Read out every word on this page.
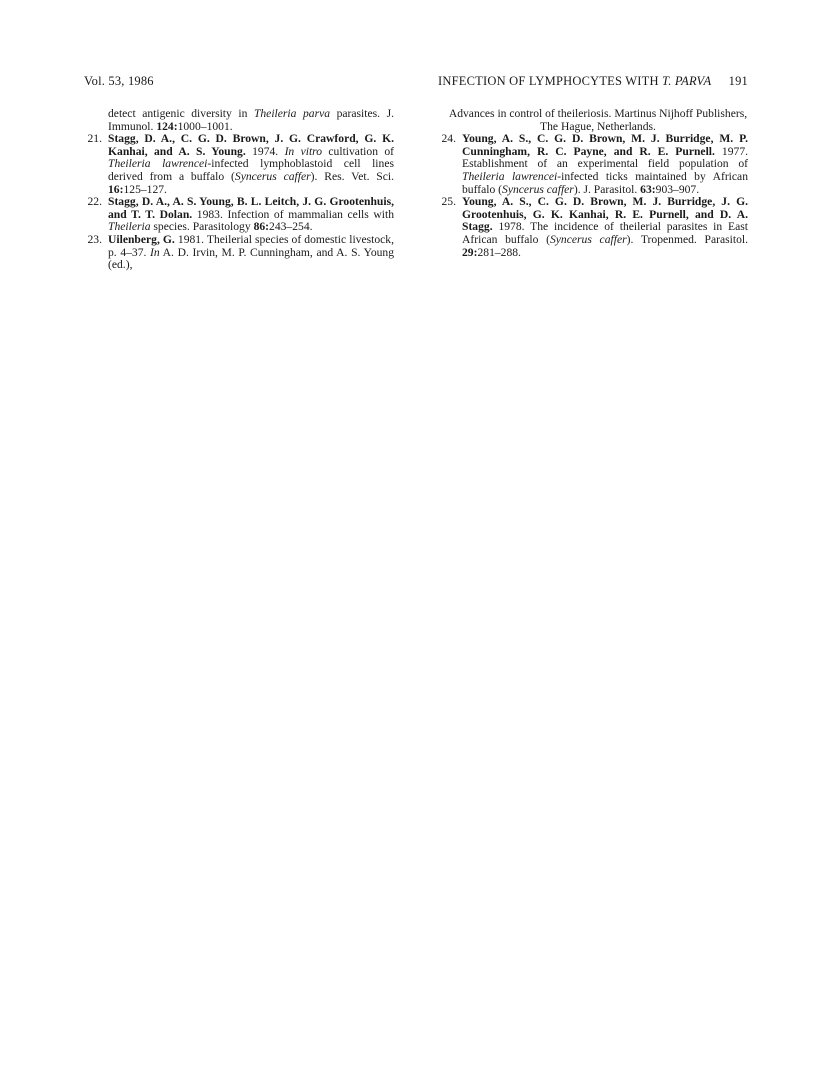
Vol. 53, 1986	INFECTION OF LYMPHOCYTES WITH T. PARVA 191
detect antigenic diversity in Theileria parva parasites. J. Immunol. 124:1000–1001.
21. Stagg, D. A., C. G. D. Brown, J. G. Crawford, G. K. Kanhai, and A. S. Young. 1974. In vitro cultivation of Theileria lawrencei-infected lymphoblastoid cell lines derived from a buffalo (Syncerus caffer). Res. Vet. Sci. 16:125–127.
22. Stagg, D. A., A. S. Young, B. L. Leitch, J. G. Grootenhuis, and T. T. Dolan. 1983. Infection of mammalian cells with Theileria species. Parasitology 86:243–254.
23. Uilenberg, G. 1981. Theilerial species of domestic livestock, p. 4–37. In A. D. Irvin, M. P. Cunningham, and A. S. Young (ed.),
Advances in control of theileriosis. Martinus Nijhoff Publishers, The Hague, Netherlands.
24. Young, A. S., C. G. D. Brown, M. J. Burridge, M. P. Cunningham, R. C. Payne, and R. E. Purnell. 1977. Establishment of an experimental field population of Theileria lawrencei-infected ticks maintained by African buffalo (Syncerus caffer). J. Parasitol. 63:903–907.
25. Young, A. S., C. G. D. Brown, M. J. Burridge, J. G. Grootenhuis, G. K. Kanhai, R. E. Purnell, and D. A. Stagg. 1978. The incidence of theilerial parasites in East African buffalo (Syncerus caffer). Tropenmed. Parasitol. 29:281–288.
